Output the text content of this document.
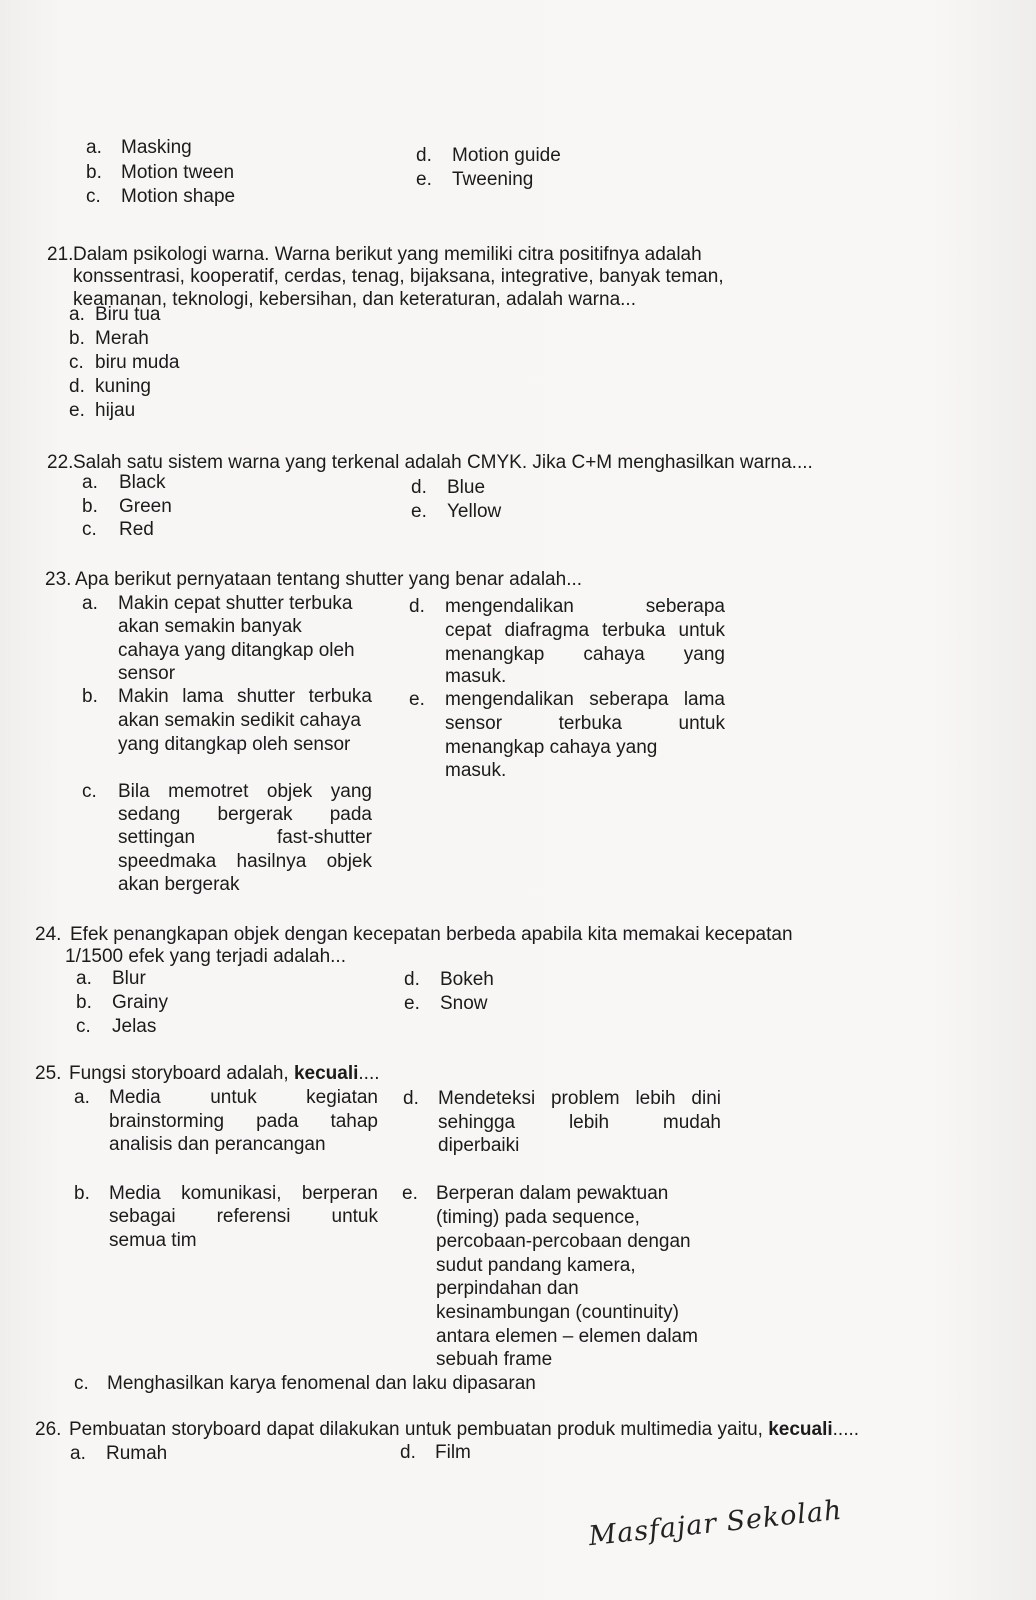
a. Masking
b. Motion tween
c. Motion shape
d. Motion guide
e. Tweening
21. Dalam psikologi warna. Warna berikut yang memiliki citra positifnya adalah
konssentrasi, kooperatif, cerdas, tenag, bijaksana, integrative, banyak teman,
keamanan, teknologi, kebersihan, dan keteraturan, adalah warna...
a. Biru tua
b. Merah
c. biru muda
d. kuning
e. hijau
22. Salah satu sistem warna yang terkenal adalah CMYK. Jika C+M menghasilkan warna....
a. Black
b. Green
c. Red
d. Blue
e. Yellow
23. Apa berikut pernyataan tentang shutter yang benar adalah...
a. Makin cepat shutter terbuka
akan semakin banyak
cahaya yang ditangkap oleh
sensor
b. Makin lama shutter terbuka
akan semakin sedikit cahaya
yang ditangkap oleh sensor
c. Bila memotret objek yang
sedang bergerak pada
settingan fast-shutter
speedmaka hasilnya objek
akan bergerak
d. mengendalikan seberapa
cepat diafragma terbuka untuk
menangkap cahaya yang
masuk.
e. mengendalikan seberapa lama
sensor terbuka untuk
menangkap cahaya yang
masuk.
24. Efek penangkapan objek dengan kecepatan berbeda apabila kita memakai kecepatan
1/1500 efek yang terjadi adalah...
a. Blur
b. Grainy
c. Jelas
d. Bokeh
e. Snow
25. Fungsi storyboard adalah, kecuali....
a. Media untuk kegiatan
brainstorming pada tahap
analisis dan perancangan
b. Media komunikasi, berperan
sebagai referensi untuk
semua tim
c. Menghasilkan karya fenomenal dan laku dipasaran
d. Mendeteksi problem lebih dini
sehingga lebih mudah
diperbaiki
e. Berperan dalam pewaktuan
(timing) pada sequence,
percobaan-percobaan dengan
sudut pandang kamera,
perpindahan dan
kesinambungan (countinuity)
antara elemen – elemen dalam
sebuah frame
26. Pembuatan storyboard dapat dilakukan untuk pembuatan produk multimedia yaitu, kecuali.....
a. Rumah	d. Film
Masfajar Sekolah
